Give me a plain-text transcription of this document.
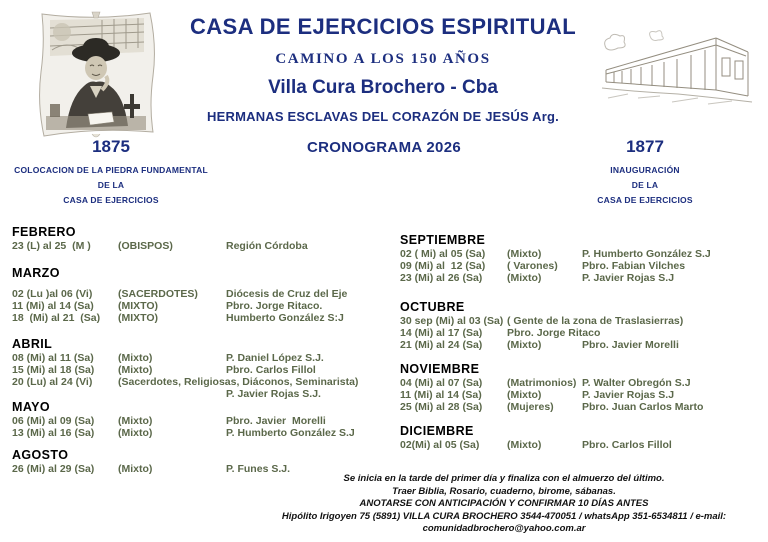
CASA DE EJERCICIOS ESPIRITUAL
CAMINO A LOS 150 AÑOS
Villa Cura Brochero - Cba
HERMANAS ESCLAVAS DEL CORAZÓN DE JESÚS Arg.
CRONOGRAMA 2026
1875
COLOCACION DE LA PIEDRA FUNDAMENTAL
DE LA
CASA DE EJERCICIOS
1877
INAUGURACIÓN
DE LA
CASA DE EJERCICIOS
FEBRERO
23 (L) al 25  (M )	(OBISPOS)	Región Córdoba
MARZO
02 (Lu )al 06 (Vi)	(SACERDOTES)	Diócesis de Cruz del Eje
11 (Mi) al 14 (Sa)	(MIXTO)	Pbro. Jorge Ritaco.
18  (Mi) al 21  (Sa)	(MIXTO)	Humberto González S:J
ABRIL
08 (Mi) al 11 (Sa)	(Mixto)	P. Daniel López S.J.
15 (Mi) al 18 (Sa)	(Mixto)	Pbro. Carlos Fillol
20 (Lu) al 24 (Vi)	(Sacerdotes, Religiosas, Diáconos, Seminarista)
P. Javier Rojas S.J.
MAYO
06 (Mi) al 09 (Sa)	(Mixto)	Pbro. Javier  Morelli
13 (Mi) al 16 (Sa)	(Mixto)	P. Humberto González S.J
AGOSTO
26 (Mi) al 29 (Sa)	(Mixto)	P. Funes S.J.
SEPTIEMBRE
02 ( Mi) al 05 (Sa)	(Mixto)	P. Humberto González S.J
09 (Mi) al  12 (Sa)	( Varones)	Pbro. Fabian Vilches
23 (Mi) al 26 (Sa)	(Mixto)	P. Javier Rojas S.J
OCTUBRE
30 sep (Mi) al 03 (Sa) ( Gente de la zona de Traslasierras)
14 (Mi) al 17 (Sa)	Pbro. Jorge Ritaco
21 (Mi) al 24 (Sa)	(Mixto)	Pbro. Javier Morelli
NOVIEMBRE
04 (Mi) al 07 (Sa)	(Matrimonios) P. Walter Obregón S.J
11 (Mi) al 14 (Sa)	(Mixto)	P. Javier Rojas S.J
25 (Mi) al 28 (Sa)	(Mujeres)	Pbro. Juan Carlos Marto
DICIEMBRE
02(Mi) al 05 (Sa)	(Mixto)	Pbro. Carlos Fillol
Se inicia en la tarde del primer día y finaliza con el almuerzo del último.
Traer Biblia, Rosario, cuaderno, birome, sábanas.
ANOTARSE CON ANTICIPACIÓN Y CONFIRMAR 10 DÍAS ANTES
Hipólito Irigoyen 75 (5891) VILLA CURA BROCHERO 3544-470051 / whatsApp 351-6534811 / e-mail: comunidadbrochero@yahoo.com.ar
